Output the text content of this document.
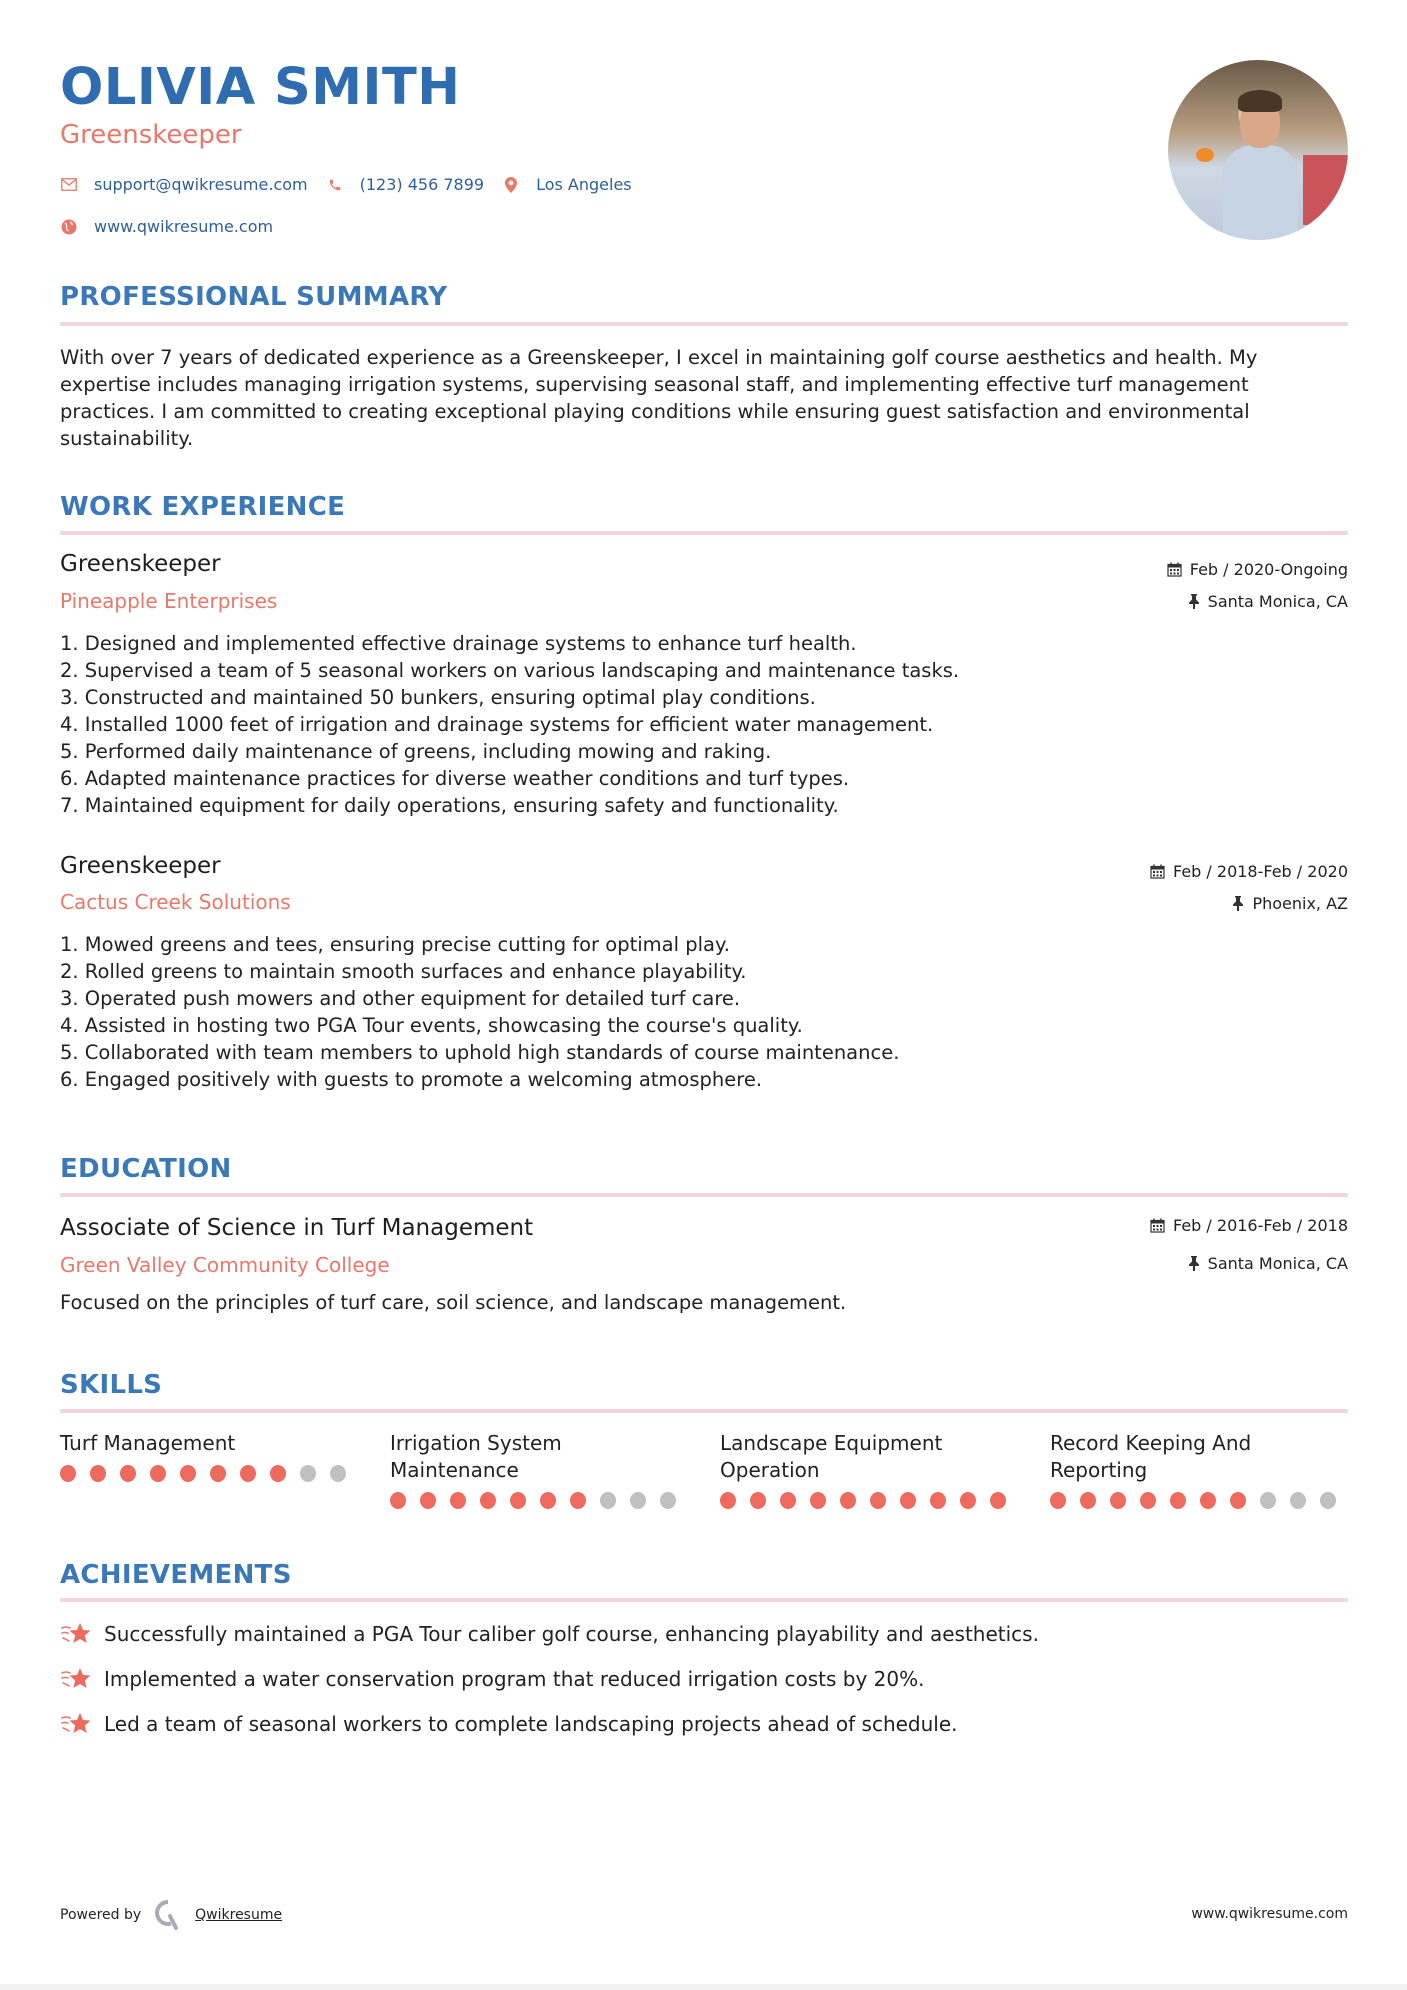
OLIVIA SMITH
Greenskeeper
support@qwikresume.com	(123) 456 7899	Los Angeles
www.qwikresume.com
PROFESSIONAL SUMMARY
With over 7 years of dedicated experience as a Greenskeeper, I excel in maintaining golf course aesthetics and health. My expertise includes managing irrigation systems, supervising seasonal staff, and implementing effective turf management practices. I am committed to creating exceptional playing conditions while ensuring guest satisfaction and environmental sustainability.
WORK EXPERIENCE
Greenskeeper
Pineapple Enterprises
Feb / 2020-Ongoing
Santa Monica, CA
1. Designed and implemented effective drainage systems to enhance turf health.
2. Supervised a team of 5 seasonal workers on various landscaping and maintenance tasks.
3. Constructed and maintained 50 bunkers, ensuring optimal play conditions.
4. Installed 1000 feet of irrigation and drainage systems for efficient water management.
5. Performed daily maintenance of greens, including mowing and raking.
6. Adapted maintenance practices for diverse weather conditions and turf types.
7. Maintained equipment for daily operations, ensuring safety and functionality.
Greenskeeper
Cactus Creek Solutions
Feb / 2018-Feb / 2020
Phoenix, AZ
1. Mowed greens and tees, ensuring precise cutting for optimal play.
2. Rolled greens to maintain smooth surfaces and enhance playability.
3. Operated push mowers and other equipment for detailed turf care.
4. Assisted in hosting two PGA Tour events, showcasing the course's quality.
5. Collaborated with team members to uphold high standards of course maintenance.
6. Engaged positively with guests to promote a welcoming atmosphere.
EDUCATION
Associate of Science in Turf Management
Green Valley Community College
Feb / 2016-Feb / 2018
Santa Monica, CA
Focused on the principles of turf care, soil science, and landscape management.
SKILLS
Turf Management	Irrigation System
Maintenance
Landscape Equipment
Operation
Record Keeping And
Reporting
ACHIEVEMENTS
Successfully maintained a PGA Tour caliber golf course, enhancing playability and aesthetics.
Implemented a water conservation program that reduced irrigation costs by 20%.
Led a team of seasonal workers to complete landscaping projects ahead of schedule.
Powered by	Qwikresume	www.qwikresume.com
